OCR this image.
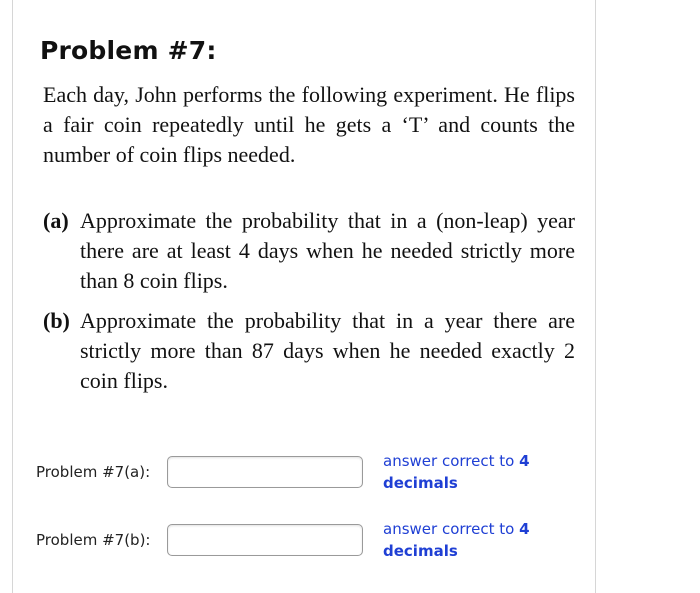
Problem #7:

Each day, John performs the following experiment. He flips a fair coin repeatedly until he gets a ‘T’ and counts the number of coin flips needed.

(a) Approximate the probability that in a (non-leap) year there are at least 4 days when he needed strictly more than 8 coin flips.
(b) Approximate the probability that in a year there are strictly more than 87 days when he needed exactly 2 coin flips.
Problem #7(a):
answer correct to 4
decimals
Problem #7(b):
answer correct to 4
decimals
